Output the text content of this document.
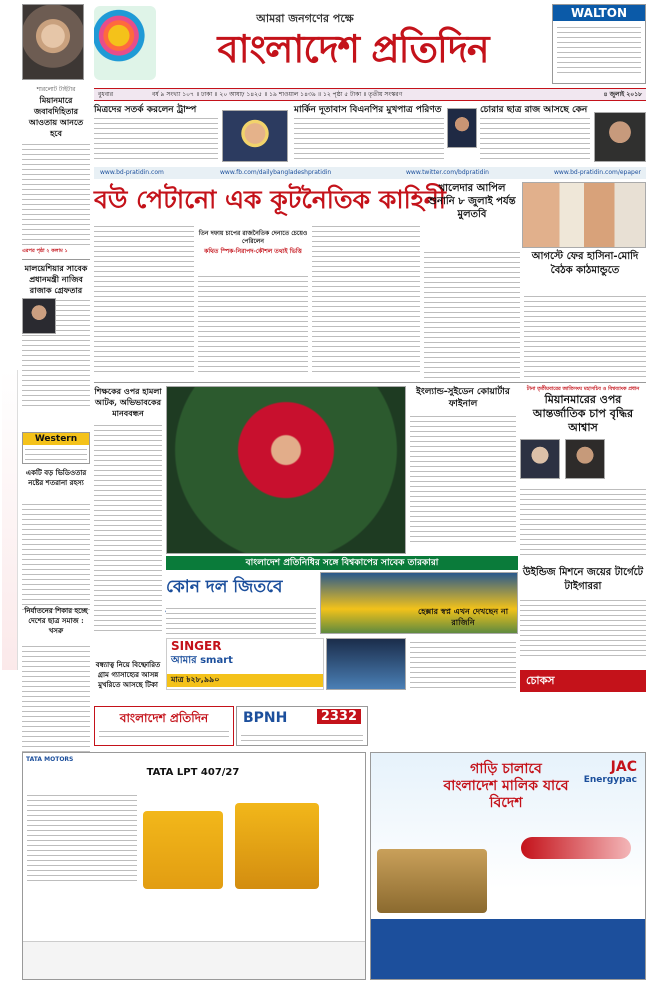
আমরা জনগণের পক্ষে
বাংলাদেশ প্রতিদিন
WALTON
বুধবার	বর্ষ ৯ সংখ্যা ১০৭ ॥ ঢাকা ॥ ২০ আষাঢ় ১৪২৫ ॥ ১৯ শাওয়াল ১৪৩৯ ॥ ১২ পৃষ্ঠা ৫ টাকা ॥ তৃতীয় সংস্করণ	৪ জুলাই ২০১৮
মিত্রদের সতর্ক করলেন ট্রাম্প	মার্কিন দূতাবাস বিএনপির মুখপাত্র পরিণত	চোরার ছাত্র রাজ আসছে কেন
www.bd-pratidin.com	www.fb.com/dailybangladeshpratidin	www.twitter.com/bdpratidin	www.bd-pratidin.com/epaper
শারলোট টাইটার
মিয়ানমারে জবাবদিহিতার আওতায় আনতে হবে
এরপর পৃষ্ঠা ২ কলাম ১
মালয়েশিয়ার সাবেক প্রধানমন্ত্রী নাজিব রাজাক গ্রেফতার
Western
একটি বড় ভিডিওতার নষ্টের শতরানা রহস্য
নির্যাতনের শিকার হচ্ছে দেশের ছাত্র সমাজ : খসরু
বউ পেটানো এক কূটনৈতিক কাহিনী
তিন দফায় চাপের রাজনৈতিক দেনাতে চেয়েও পেরিলেন
কথিত স্পিক-নিরাপদ-কৌশল তথ্যই ভিত্তি
খালেদার আপিল শুনানি ৮ জুলাই পর্যন্ত মুলতবি
আগস্টে ফের হাসিনা-মোদি বৈঠক কাঠমান্ডুতে
শিক্ষকের ওপর হামলা আটক, অভিভাবকের মানববন্ধন
ইংল্যান্ড-সুইডেন কোয়ার্টার ফাইনাল
টানা তৃতীয়বারের জাতিসংঘ মহাসচিব ও বিশ্বব্যাংক প্রধান
মিয়ানমারের ওপর আন্তর্জাতিক চাপ বৃদ্ধির আশ্বাস

বাংলাদেশ প্রতিনিধির সঙ্গে বিশ্বকাপের সাবেক তারকারা
কোন দল জিতবে
হেক্সার স্বপ্ন এখন দেখছেন না রাজিনি
উইন্ডিজ মিশনে জয়ের টার্গেটে টাইগাররা
বন্ধ্যাত্ব নিয়ে বিষ্ফোরিত গ্রাম গ্যাসাহ্যের আসন্ন মুখরিতে আসছে টিকা
SINGER
আমার smart
মাত্র ৳২৮,৯৯০	চোকস
বাংলাদেশ প্রতিদিন	BPNH	2332
TATA MOTORS
TATA LPT 407/27	JAC
Energypac
গাড়ি চালাবে বাংলাদেশ মালিক যাবে বিদেশ
